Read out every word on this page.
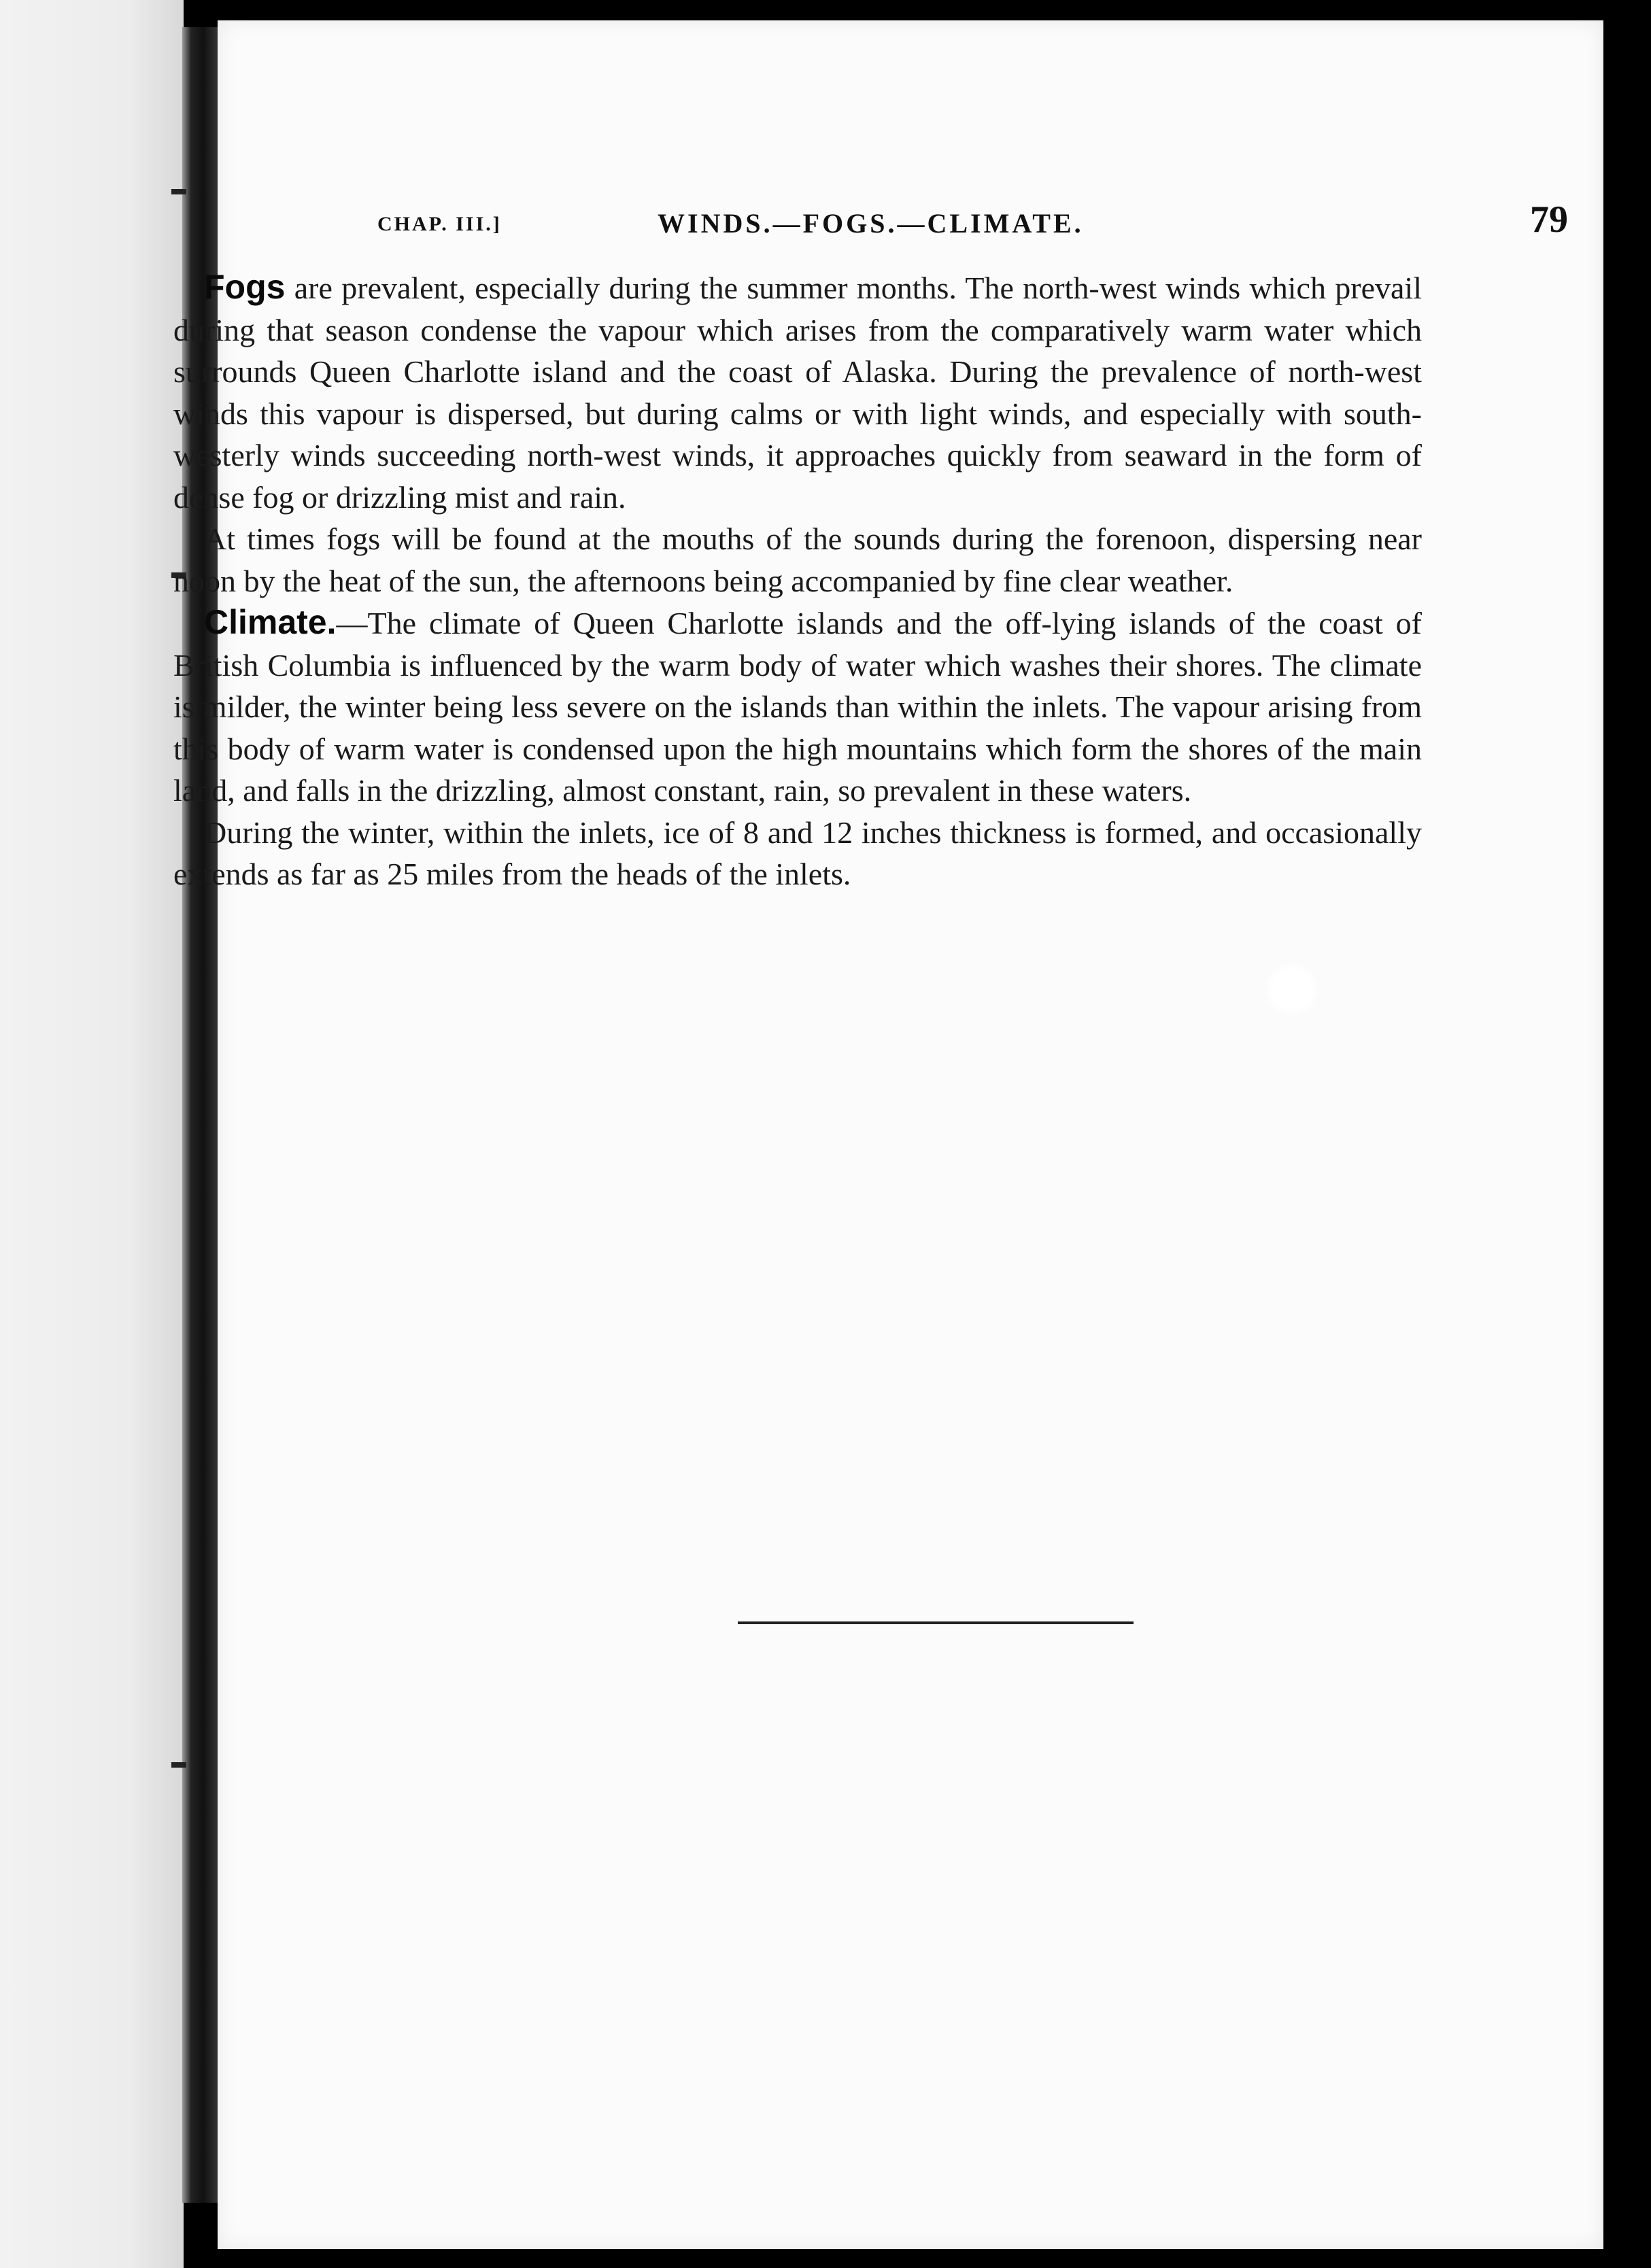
CHAP. III.]	WINDS.—FOGS.—CLIMATE.	79

Fogs are prevalent, especially during the summer months. The north-west winds which prevail during that season condense the vapour which arises from the comparatively warm water which surrounds Queen Charlotte island and the coast of Alaska. During the prevalence of north-west winds this vapour is dispersed, but during calms or with light winds, and especially with south-westerly winds succeeding north-west winds, it approaches quickly from seaward in the form of dense fog or drizzling mist and rain.

At times fogs will be found at the mouths of the sounds during the forenoon, dispersing near noon by the heat of the sun, the afternoons being accompanied by fine clear weather.

Climate.—The climate of Queen Charlotte islands and the off-lying islands of the coast of British Columbia is influenced by the warm body of water which washes their shores. The climate is milder, the winter being less severe on the islands than within the inlets. The vapour arising from this body of warm water is condensed upon the high mountains which form the shores of the main land, and falls in the drizzling, almost constant, rain, so prevalent in these waters.

During the winter, within the inlets, ice of 8 and 12 inches thickness is formed, and occasionally extends as far as 25 miles from the heads of the inlets.
